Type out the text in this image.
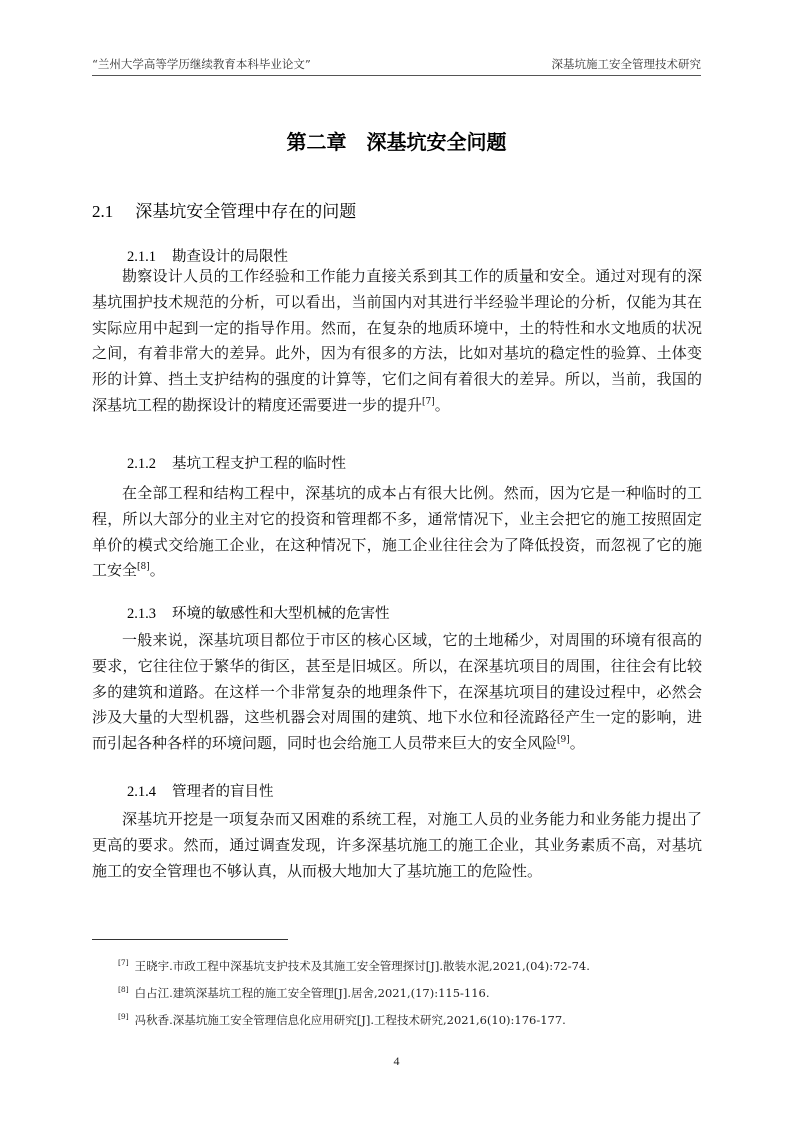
“兰州大学高等学历继续教育本科毕业论文”	深基坑施工安全管理技术研究
第二章　深基坑安全问题
2.1 深基坑安全管理中存在的问题
2.1.1 勘查设计的局限性

勘察设计人员的工作经验和工作能力直接关系到其工作的质量和安全。通过对现有的深基坑围护技术规范的分析，可以看出，当前国内对其进行半经验半理论的分析，仅能为其在实际应用中起到一定的指导作用。然而，在复杂的地质环境中，土的特性和水文地质的状况之间，有着非常大的差异。此外，因为有很多的方法，比如对基坑的稳定性的验算、土体变形的计算、挡土支护结构的强度的计算等，它们之间有着很大的差异。所以，当前，我国的深基坑工程的勘探设计的精度还需要进一步的提升[7]。

2.1.2 基坑工程支护工程的临时性

在全部工程和结构工程中，深基坑的成本占有很大比例。然而，因为它是一种临时的工程，所以大部分的业主对它的投资和管理都不多，通常情况下，业主会把它的施工按照固定单价的模式交给施工企业，在这种情况下，施工企业往往会为了降低投资，而忽视了它的施工安全[8]。

2.1.3 环境的敏感性和大型机械的危害性

一般来说，深基坑项目都位于市区的核心区域，它的土地稀少，对周围的环境有很高的要求，它往往位于繁华的街区，甚至是旧城区。所以，在深基坑项目的周围，往往会有比较多的建筑和道路。在这样一个非常复杂的地理条件下，在深基坑项目的建设过程中，必然会涉及大量的大型机器，这些机器会对周围的建筑、地下水位和径流路径产生一定的影响，进而引起各种各样的环境问题，同时也会给施工人员带来巨大的安全风险[9]。

2.1.4 管理者的盲目性

深基坑开挖是一项复杂而又困难的系统工程，对施工人员的业务能力和业务能力提出了更高的要求。然而，通过调查发现，许多深基坑施工的施工企业，其业务素质不高，对基坑施工的安全管理也不够认真，从而极大地加大了基坑施工的危险性。

[7] 王晓宇.市政工程中深基坑支护技术及其施工安全管理探讨[J].散装水泥,2021,(04):72-74.
[8] 白占江.建筑深基坑工程的施工安全管理[J].居舍,2021,(17):115-116.
[9] 冯秋香.深基坑施工安全管理信息化应用研究[J].工程技术研究,2021,6(10):176-177.
4
